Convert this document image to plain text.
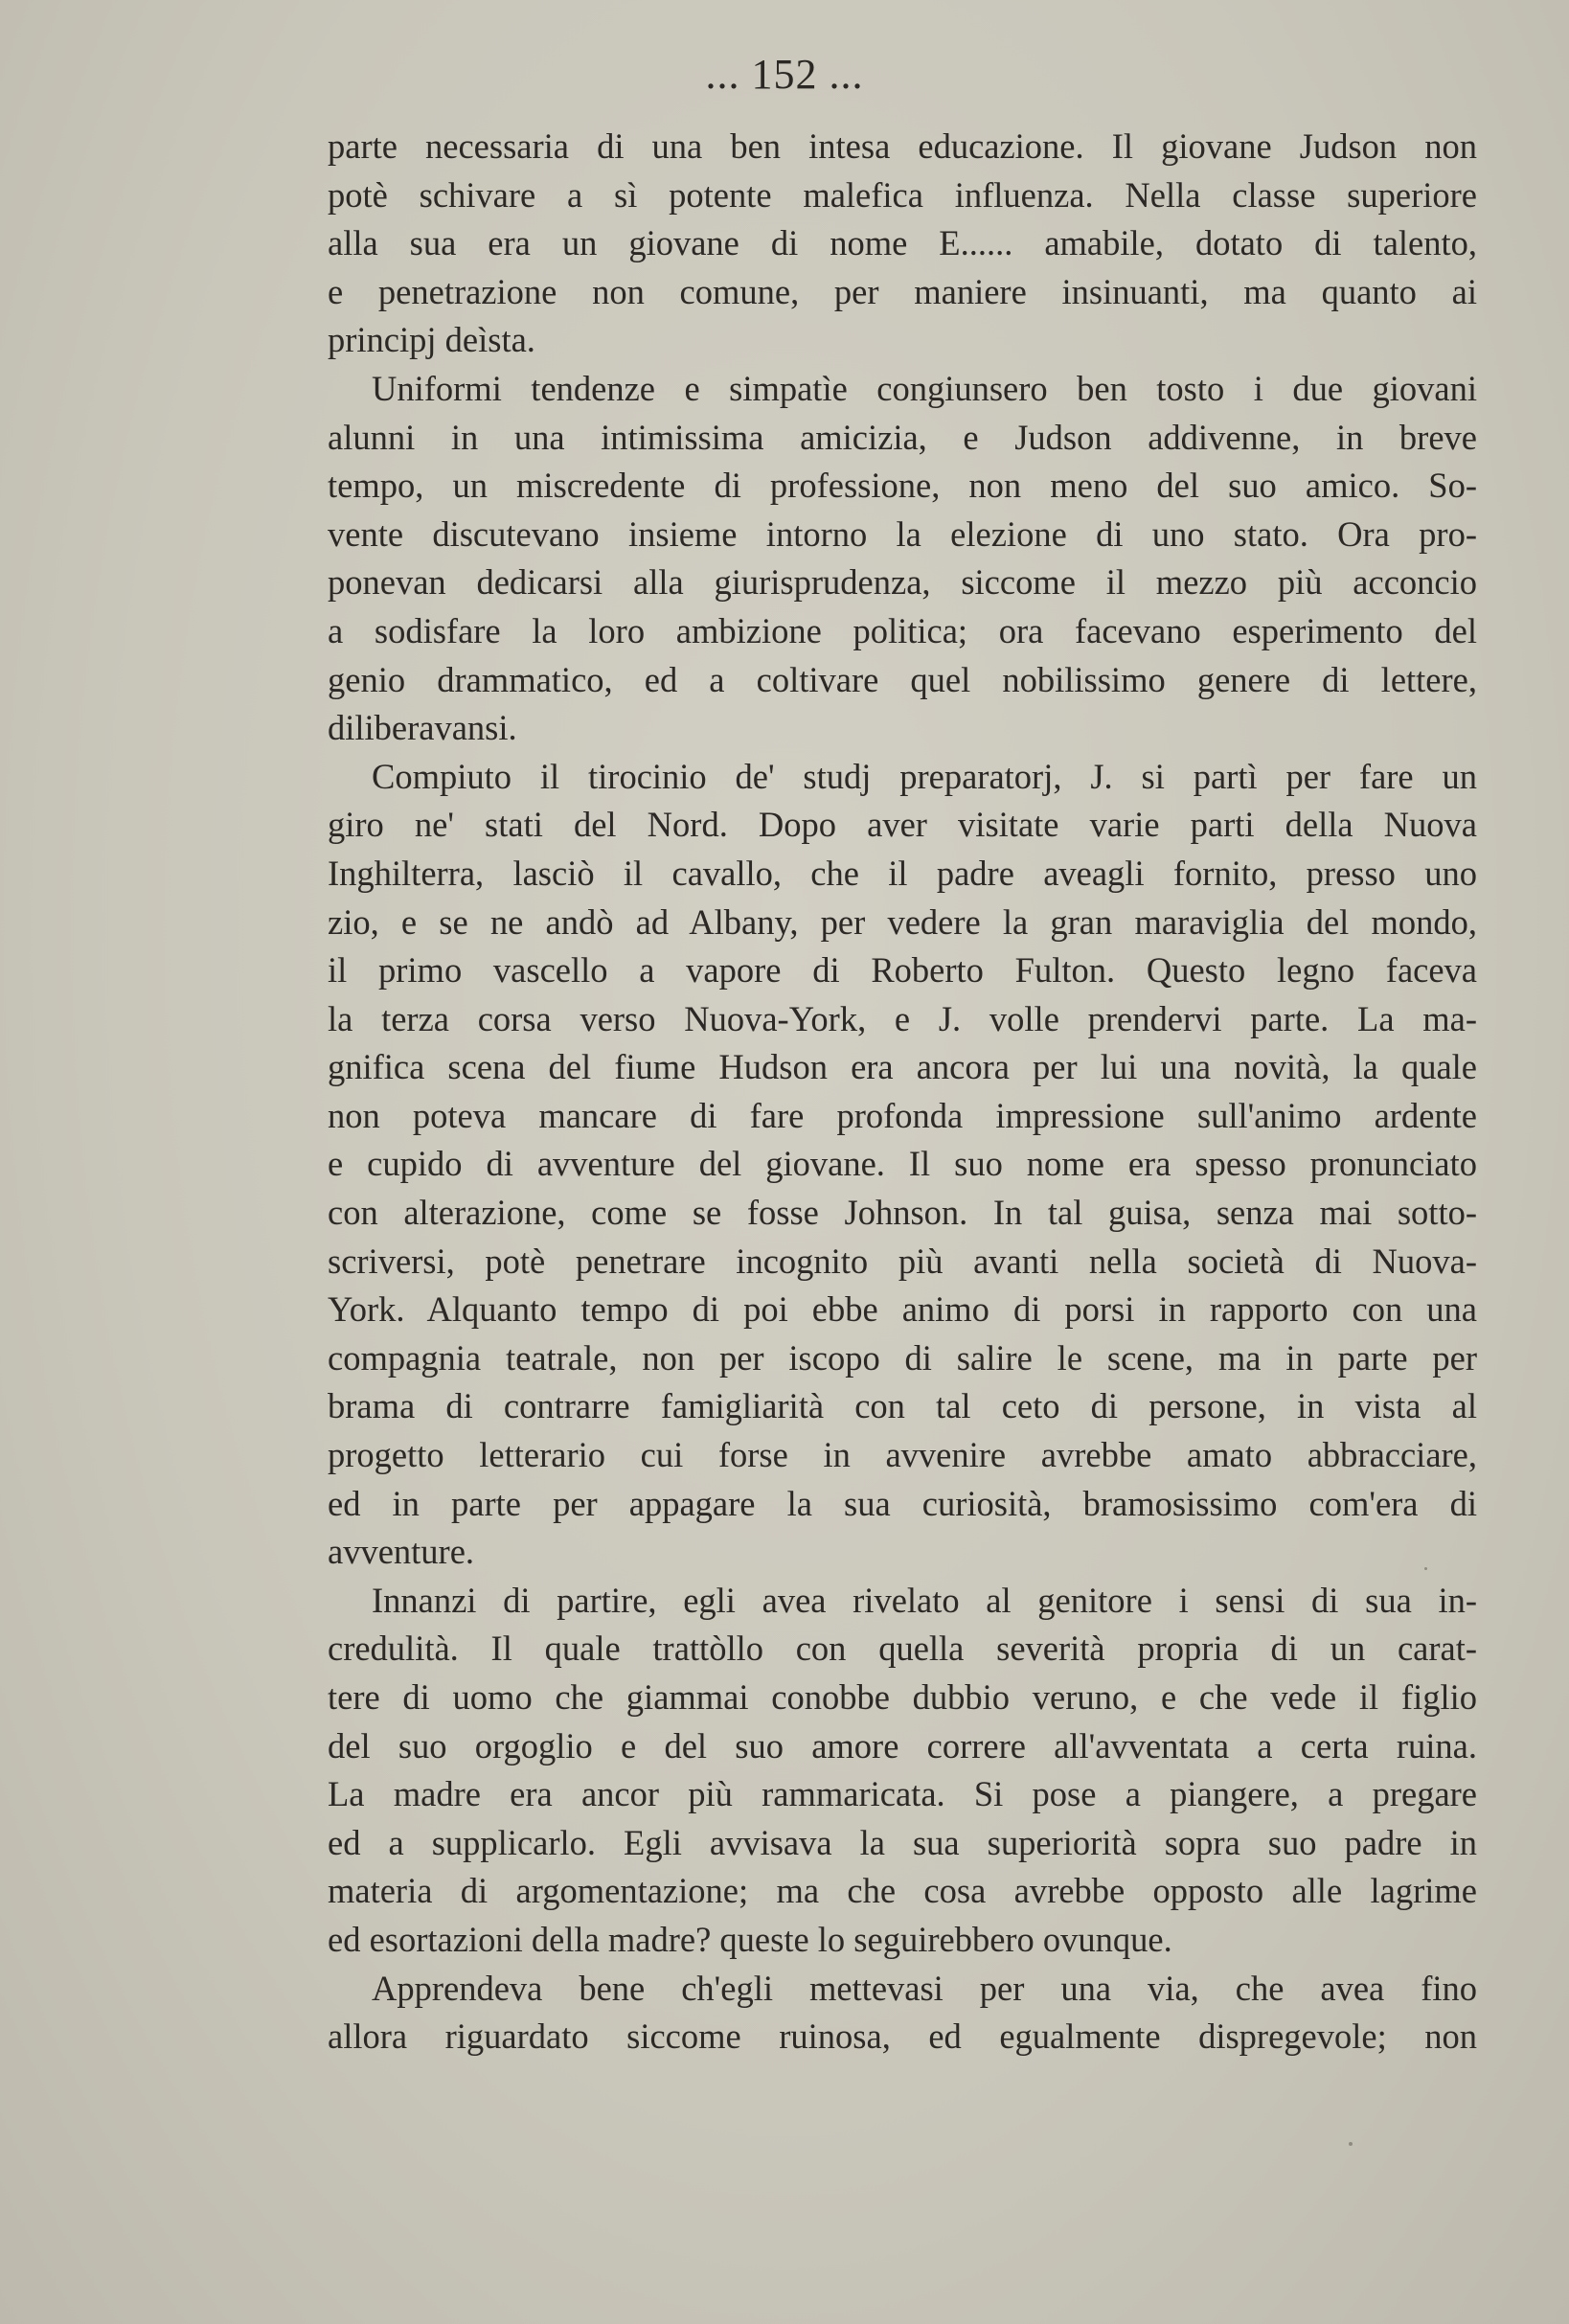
... 152 ...
parte necessaria di una ben intesa educazione. Il giovane Judson non
potè schivare a sì potente malefica influenza. Nella classe superiore
alla sua era un giovane di nome E...... amabile, dotato di talento,
e penetrazione non comune, per maniere insinuanti, ma quanto ai
principj deìsta.
Uniformi tendenze e simpatìe congiunsero ben tosto i due giovani
alunni in una intimissima amicizia, e Judson addivenne, in breve
tempo, un miscredente di professione, non meno del suo amico. So-
vente discutevano insieme intorno la elezione di uno stato. Ora pro-
ponevan dedicarsi alla giurisprudenza, siccome il mezzo più acconcio
a sodisfare la loro ambizione politica; ora facevano esperimento del
genio drammatico, ed a coltivare quel nobilissimo genere di lettere,
diliberavansi.
Compiuto il tirocinio de' studj preparatorj, J. si partì per fare un
giro ne' stati del Nord. Dopo aver visitate varie parti della Nuova
Inghilterra, lasciò il cavallo, che il padre aveagli fornito, presso uno
zio, e se ne andò ad Albany, per vedere la gran maraviglia del mondo,
il primo vascello a vapore di Roberto Fulton. Questo legno faceva
la terza corsa verso Nuova-York, e J. volle prendervi parte. La ma-
gnifica scena del fiume Hudson era ancora per lui una novità, la quale
non poteva mancare di fare profonda impressione sull'animo ardente
e cupido di avventure del giovane. Il suo nome era spesso pronunciato
con alterazione, come se fosse Johnson. In tal guisa, senza mai sotto-
scriversi, potè penetrare incognito più avanti nella società di Nuova-
York. Alquanto tempo di poi ebbe animo di porsi in rapporto con una
compagnia teatrale, non per iscopo di salire le scene, ma in parte per
brama di contrarre famigliarità con tal ceto di persone, in vista al
progetto letterario cui forse in avvenire avrebbe amato abbracciare,
ed in parte per appagare la sua curiosità, bramosissimo com'era di
avventure.
Innanzi di partire, egli avea rivelato al genitore i sensi di sua in-
credulità. Il quale trattòllo con quella severità propria di un carat-
tere di uomo che giammai conobbe dubbio veruno, e che vede il figlio
del suo orgoglio e del suo amore correre all'avventata a certa ruina.
La madre era ancor più rammaricata. Si pose a piangere, a pregare
ed a supplicarlo. Egli avvisava la sua superiorità sopra suo padre in
materia di argomentazione; ma che cosa avrebbe opposto alle lagrime
ed esortazioni della madre? queste lo seguirebbero ovunque.
Apprendeva bene ch'egli mettevasi per una via, che avea fino
allora riguardato siccome ruinosa, ed egualmente dispregevole; non
